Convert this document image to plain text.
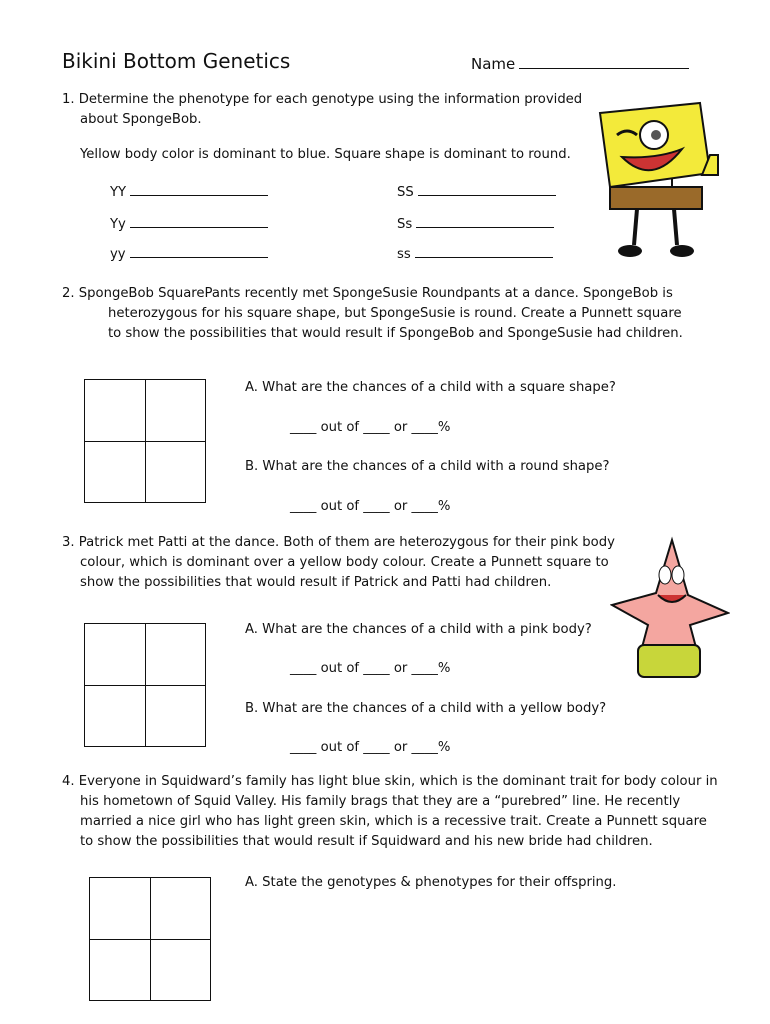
Bikini Bottom Genetics	Name
1. Determine the phenotype for each genotype using the information provided
about SpongeBob.
Yellow body color is dominant to blue. Square shape is dominant to round.
YY
Yy
yy
SS
Ss
ss
2. SpongeBob SquarePants recently met SpongeSusie Roundpants at a dance. SpongeBob is
heterozygous for his square shape, but SpongeSusie is round. Create a Punnett square
to show the possibilities that would result if SpongeBob and SpongeSusie had children.
A. What are the chances of a child with a square shape?
____ out of ____ or ____%
B. What are the chances of a child with a round shape?
____ out of ____ or ____%
3. Patrick met Patti at the dance. Both of them are heterozygous for their pink body
colour, which is dominant over a yellow body colour. Create a Punnett square to
show the possibilities that would result if Patrick and Patti had children.
A. What are the chances of a child with a pink body?
____ out of ____ or ____%
B. What are the chances of a child with a yellow body?
____ out of ____ or ____%
4. Everyone in Squidward’s family has light blue skin, which is the dominant trait for body colour in
his hometown of Squid Valley. His family brags that they are a “purebred” line. He recently
married a nice girl who has light green skin, which is a recessive trait. Create a Punnett square
to show the possibilities that would result if Squidward and his new bride had children.
A. State the genotypes & phenotypes for their offspring.
